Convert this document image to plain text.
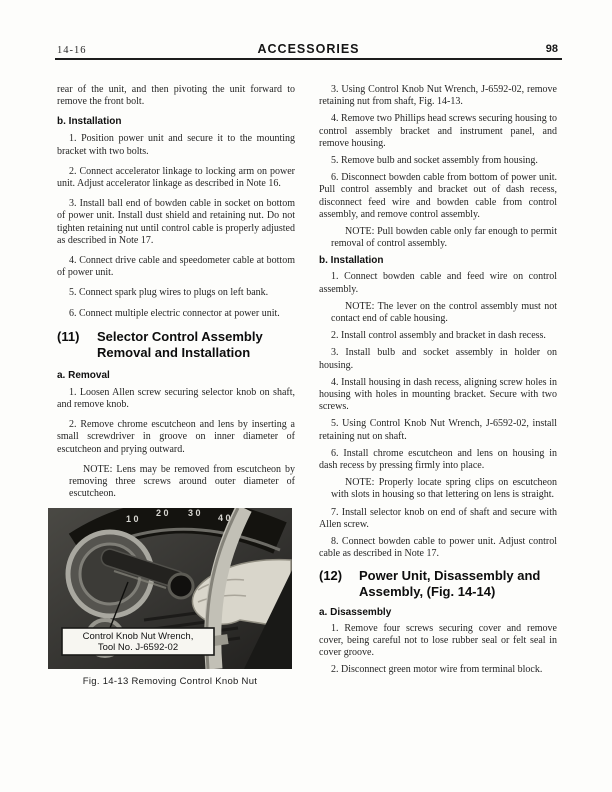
14-16	ACCESSORIES	98

rear of the unit, and then pivoting the unit forward to remove the front bolt.

b. Installation

1. Position power unit and secure it to the mounting bracket with two bolts.

2. Connect accelerator linkage to locking arm on power unit. Adjust accelerator linkage as described in Note 16.

3. Install ball end of bowden cable in socket on bottom of power unit. Install dust shield and retaining nut. Do not tighten retaining nut until control cable is properly adjusted as described in Note 17.

4. Connect drive cable and speedometer cable at bottom of power unit.

5. Connect spark plug wires to plugs on left bank.

6. Connect multiple electric connector at power unit.

(11)	Selector Control Assembly
Removal and Installation
a. Removal

1. Loosen Allen screw securing selector knob on shaft, and remove knob.

2. Remove chrome escutcheon and lens by inserting a small screwdriver in groove on inner diameter of escutcheon and prying outward.

NOTE: Lens may be removed from escutcheon by removing three screws around outer diameter of escutcheon.

1 0
2 0 3 0 4 0
Control Knob Nut Wrench,
Tool No. J-6592-02
Fig. 14-13 Removing Control Knob Nut

3. Using Control Knob Nut Wrench, J-6592-02, remove retaining nut from shaft, Fig. 14-13.

4. Remove two Phillips head screws securing housing to control assembly bracket and instrument panel, and remove housing.

5. Remove bulb and socket assembly from housing.

6. Disconnect bowden cable from bottom of power unit. Pull control assembly and bracket out of dash recess, disconnect feed wire and bowden cable from control assembly, and remove control assembly.

NOTE: Pull bowden cable only far enough to permit removal of control assembly.

b. Installation

1. Connect bowden cable and feed wire on control assembly.

NOTE: The lever on the control assembly must not contact end of cable housing.

2. Install control assembly and bracket in dash recess.

3. Install bulb and socket assembly in holder on housing.

4. Install housing in dash recess, aligning screw holes in housing with holes in mounting bracket. Secure with two screws.

5. Using Control Knob Nut Wrench, J-6592-02, install retaining nut on shaft.

6. Install chrome escutcheon and lens on housing in dash recess by pressing firmly into place.

NOTE: Properly locate spring clips on escutcheon with slots in housing so that lettering on lens is straight.

7. Install selector knob on end of shaft and secure with Allen screw.

8. Connect bowden cable to power unit. Adjust control cable as described in Note 17.

(12)	Power Unit, Disassembly and
Assembly, (Fig. 14-14)
a. Disassembly

1. Remove four screws securing cover and remove cover, being careful not to lose rubber seal or felt seal in cover groove.

2. Disconnect green motor wire from terminal block.
